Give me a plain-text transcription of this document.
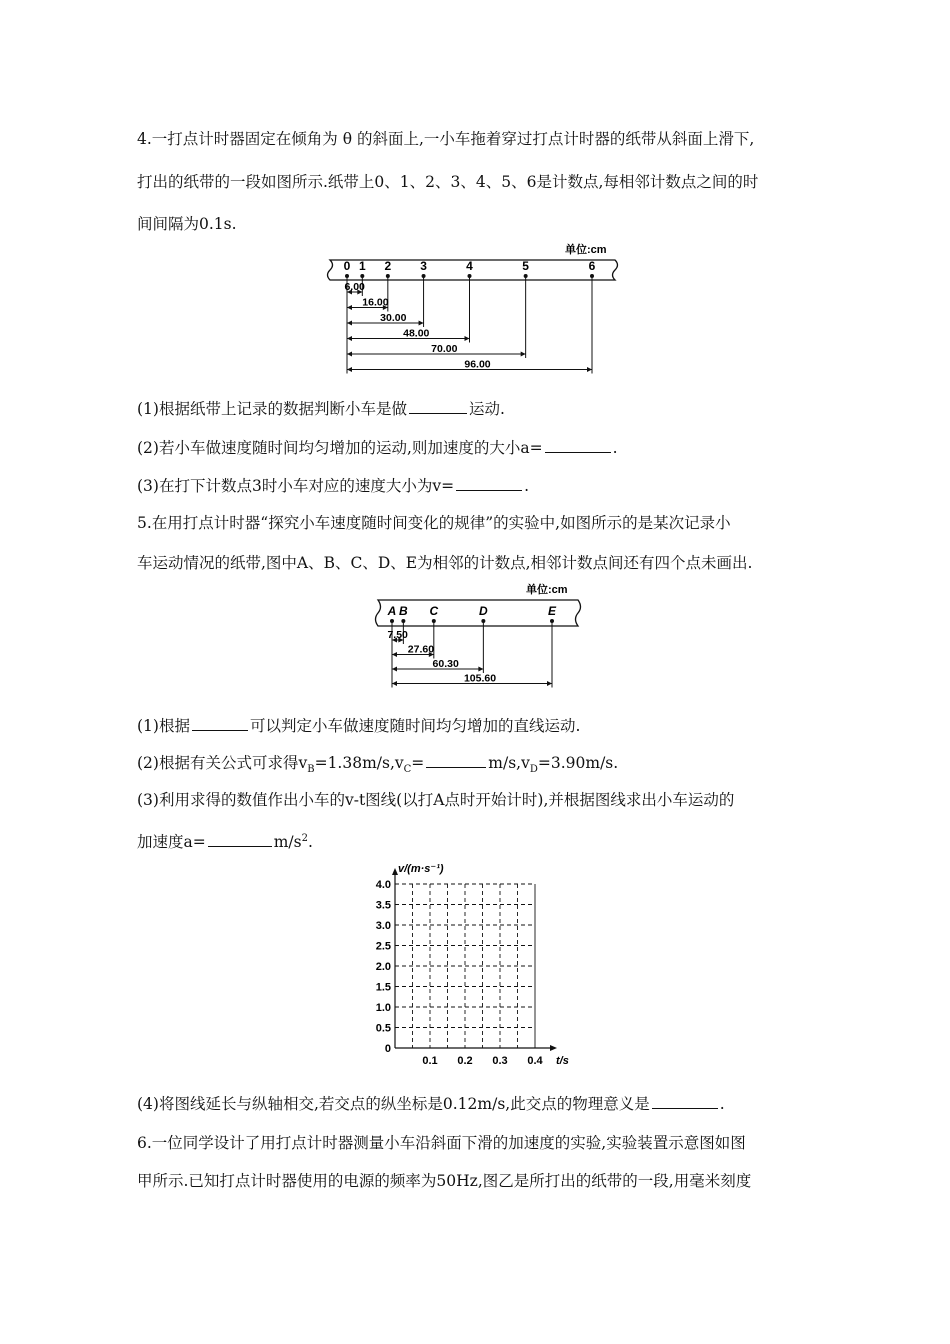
4.一打点计时器固定在倾角为 θ 的斜面上,一小车拖着穿过打点计时器的纸带从斜面上滑下,
打出的纸带的一段如图所示.纸带上0、1、2、3、4、5、6是计数点,每相邻计数点之间的时
间间隔为0.1s.
单位:cm
0 1 2 3	4	5	6
6.00
16.00
30.00
48.00
70.00
96.00
(1)根据纸带上记录的数据判断小车是做	运动.
(2)若小车做速度随时间均匀增加的运动,则加速度的大小a=	.
(3)在打下计数点3时小车对应的速度大小为v=	.
5.在用打点计时器“探究小车速度随时间变化的规律”的实验中,如图所示的是某次记录小
车运动情况的纸带,图中A、B、C、D、E为相邻的计数点,相邻计数点间还有四个点未画出.
单位:cm
A B C	D	E
7.50
27.60
60.30
105.60
(1)根据	可以判定小车做速度随时间均匀增加的直线运动.
(2)根据有关公式可求得$v_B=1.38m/s,v_C=$	$m/s,v_D=3.90m/s$.
(3)利用求得的数值作出小车的v-t图线(以打A点时开始计时),并根据图线求出小车运动的
加速度a=	$m/s^2$.
v/(m·s⁻¹)
t/s
0
0.5
1.0
1.5
2.0
2.5
3.0
3.5
4.0
0.1 0.2 0.3 0.4
(4)将图线延长与纵轴相交,若交点的纵坐标是0.12m/s,此交点的物理意义是	.
6.一位同学设计了用打点计时器测量小车沿斜面下滑的加速度的实验,实验装置示意图如图
甲所示.已知打点计时器使用的电源的频率为50Hz,图乙是所打出的纸带的一段,用毫米刻度
